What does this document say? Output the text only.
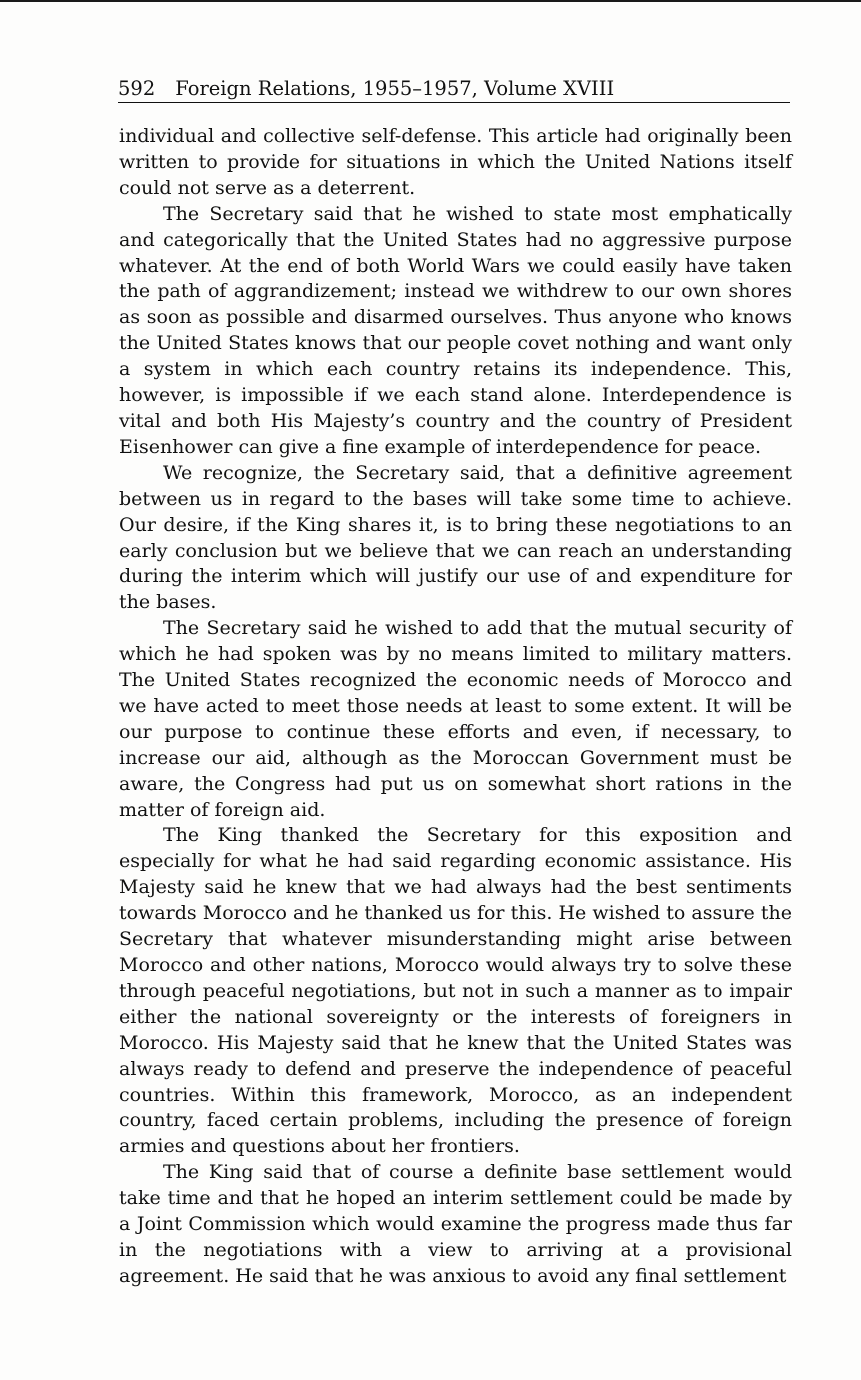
592 Foreign Relations, 1955–1957, Volume XVIII

individual and collective self-defense. This article had originally been written to provide for situations in which the United Nations itself could not serve as a deterrent.

The Secretary said that he wished to state most emphatically and categorically that the United States had no aggressive purpose whatever. At the end of both World Wars we could easily have taken the path of aggrandizement; instead we withdrew to our own shores as soon as possible and disarmed ourselves. Thus anyone who knows the United States knows that our people covet nothing and want only a system in which each country retains its independence. This, however, is impossible if we each stand alone. Interdependence is vital and both His Majesty’s country and the country of President Eisenhower can give a fine example of interdependence for peace.

We recognize, the Secretary said, that a definitive agreement between us in regard to the bases will take some time to achieve. Our desire, if the King shares it, is to bring these negotiations to an early conclusion but we believe that we can reach an understanding during the interim which will justify our use of and expenditure for the bases.

The Secretary said he wished to add that the mutual security of which he had spoken was by no means limited to military matters. The United States recognized the economic needs of Morocco and we have acted to meet those needs at least to some extent. It will be our purpose to continue these efforts and even, if necessary, to increase our aid, although as the Moroccan Government must be aware, the Congress had put us on somewhat short rations in the matter of foreign aid.

The King thanked the Secretary for this exposition and especially for what he had said regarding economic assistance. His Majesty said he knew that we had always had the best sentiments towards Morocco and he thanked us for this. He wished to assure the Secretary that whatever misunderstanding might arise between Morocco and other nations, Morocco would always try to solve these through peaceful negotiations, but not in such a manner as to impair either the national sovereignty or the interests of foreigners in Morocco. His Majesty said that he knew that the United States was always ready to defend and preserve the independence of peaceful countries. Within this framework, Morocco, as an independent country, faced certain problems, including the presence of foreign armies and questions about her frontiers.

The King said that of course a definite base settlement would take time and that he hoped an interim settlement could be made by a Joint Commission which would examine the progress made thus far in the negotiations with a view to arriving at a provisional agreement. He said that he was anxious to avoid any final settlement
